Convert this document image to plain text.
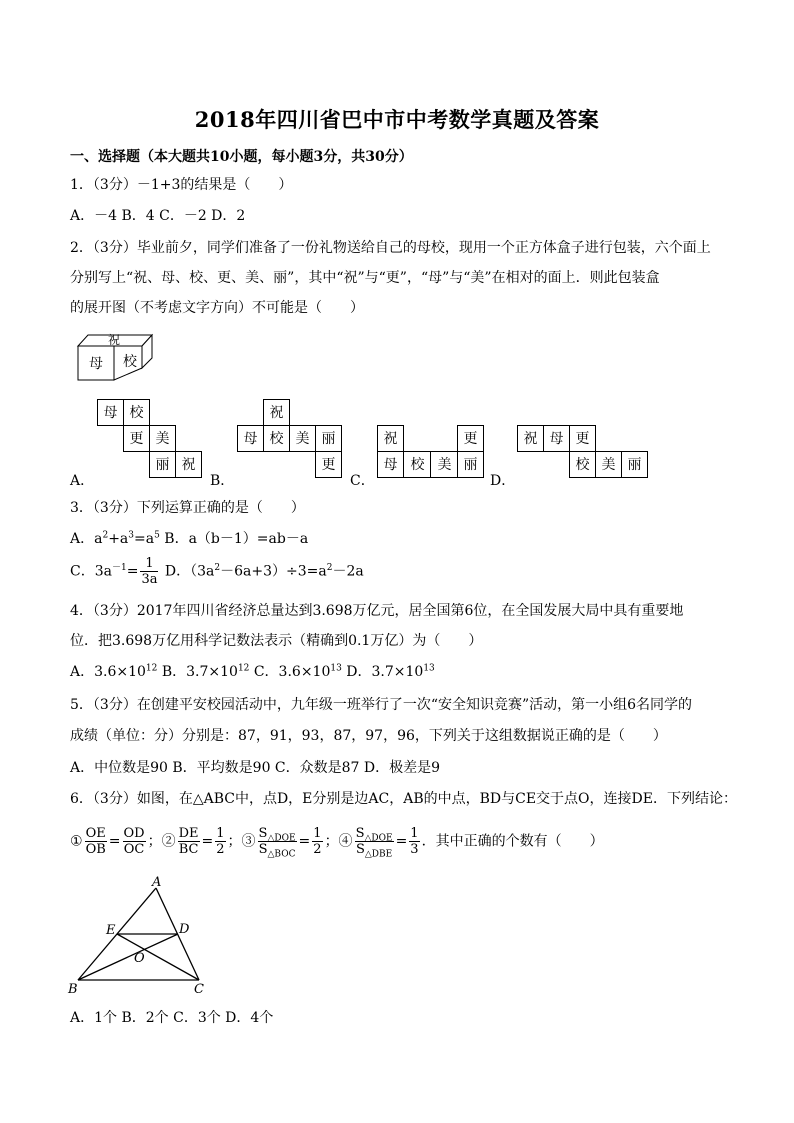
2018年四川省巴中市中考数学真题及答案
一、选择题（本大题共10小题，每小题3分，共30分）
1．（3分）－1+3的结果是（　　）
A．－4 B．4 C．－2 D．2
2．（3分）毕业前夕，同学们准备了一份礼物送给自己的母校，现用一个正方体盒子进行包装，六个面上
分别写上“祝、母、校、更、美、丽”，其中“祝”与“更”，“母”与“美”在相对的面上．则此包装盒
的展开图（不考虑文字方向）不可能是（　　）
祝
母 校
母 校
更 美
丽 祝
A．
祝
母 校 美 丽
更
B．
祝	更
母 校 美 丽
C．
祝 母 更
校 美 丽
D．
3．（3分）下列运算正确的是（　　）
A．$a^2+a^3=a^5$ B．a（b－1）=ab－a
C．$3a^{-1}= \frac{1}{3a}$ D．$(3a^2-6a+3)\div 3=a^2-2a$
4．（3分）2017年四川省经济总量达到3.698万亿元，居全国第6位，在全国发展大局中具有重要地
位．把3.698万亿用科学记数法表示（精确到0.1万亿）为（　　）
A．$3.6\times 10^{12}$ B．$3.7\times 10^{12}$ C．$3.6\times 10^{13}$ D．$3.7\times 10^{13}$
5．（3分）在创建平安校园活动中，九年级一班举行了一次“安全知识竞赛”活动，第一小组6名同学的
成绩（单位：分）分别是：87，91，93，87，97，96，下列关于这组数据说正确的是（　　）
A．中位数是90 B．平均数是90 C．众数是87 D．极差是9
6．（3分）如图，在△ABC中，点D，E分别是边AC，AB的中点，BD与CE交于点O，连接DE．下列结论：
① $\frac{OE}{OB} = \frac{OD}{OC}$ ；② $\frac{DE}{BC} = \frac{1}{2}$ ；③ $\frac{S_{\triangle DOE}}{S_{\triangle BOC}} = \frac{1}{2}$ ；④ $\frac{S_{\triangle DOE}}{S_{\triangle DBE}} = \frac{1}{3}$ ．其中正确的个数有（　　）
A
E	D
O
B	C
A．1个 B．2个 C．3个 D．4个
